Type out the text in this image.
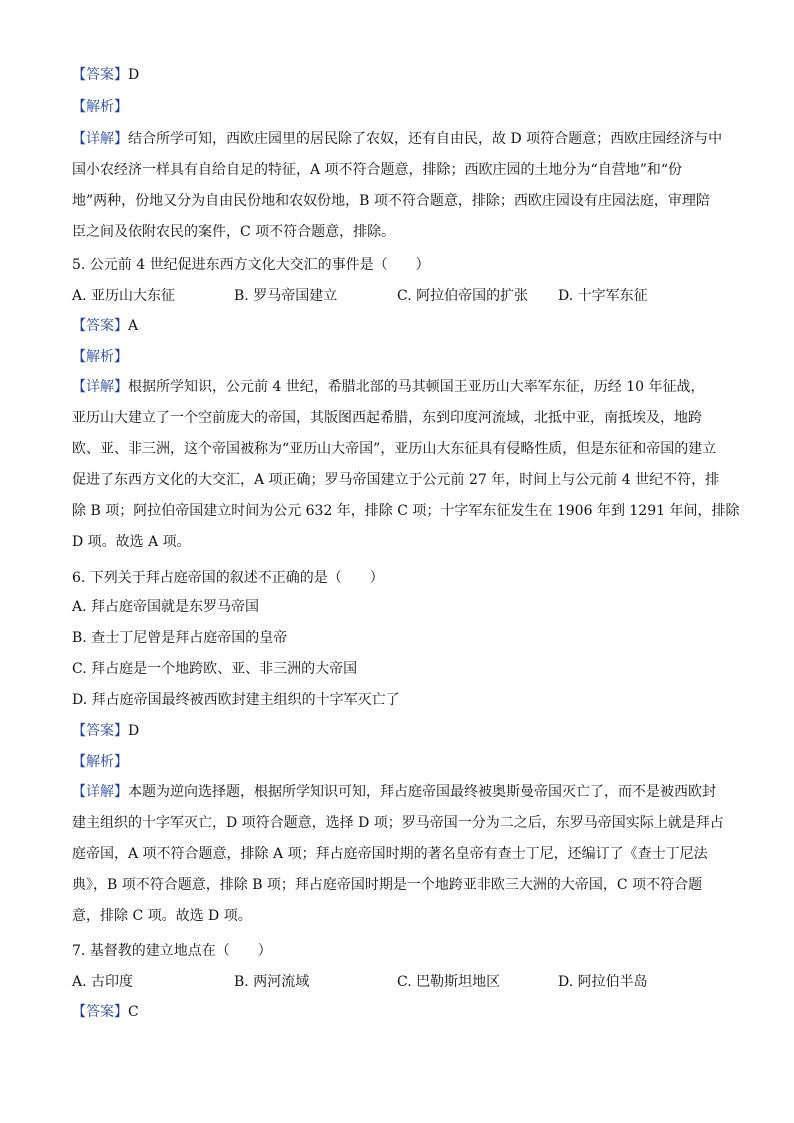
【答案】D
【解析】
【详解】结合所学可知，西欧庄园里的居民除了农奴，还有自由民，故 D 项符合题意；西欧庄园经济与中
国小农经济一样具有自给自足的特征，A 项不符合题意，排除；西欧庄园的土地分为“自营地”和“份
地”两种，份地又分为自由民份地和农奴份地，B 项不符合题意，排除；西欧庄园设有庄园法庭，审理陪
臣之间及依附农民的案件，C 项不符合题意，排除。
5. 公元前 4 世纪促进东西方文化大交汇的事件是（　　）
A. 亚历山大东征	B. 罗马帝国建立	C. 阿拉伯帝国的扩张 D. 十字军东征
【答案】A
【解析】
【详解】根据所学知识，公元前 4 世纪，希腊北部的马其顿国王亚历山大率军东征，历经 10 年征战，
亚历山大建立了一个空前庞大的帝国，其版图西起希腊，东到印度河流域，北抵中亚，南抵埃及，地跨
欧、亚、非三洲，这个帝国被称为“亚历山大帝国”，亚历山大东征具有侵略性质，但是东征和帝国的建立
促进了东西方文化的大交汇，A 项正确；罗马帝国建立于公元前 27 年，时间上与公元前 4 世纪不符，排
除 B 项；阿拉伯帝国建立时间为公元 632 年，排除 C 项；十字军东征发生在 1906 年到 1291 年间，排除
D 项。故选 A 项。
6. 下列关于拜占庭帝国的叙述不正确的是（　　）
A. 拜占庭帝国就是东罗马帝国
B. 查士丁尼曾是拜占庭帝国的皇帝
C. 拜占庭是一个地跨欧、亚、非三洲的大帝国
D. 拜占庭帝国最终被西欧封建主组织的十字军灭亡了
【答案】D
【解析】
【详解】本题为逆向选择题，根据所学知识可知，拜占庭帝国最终被奥斯曼帝国灭亡了，而不是被西欧封
建主组织的十字军灭亡，D 项符合题意，选择 D 项；罗马帝国一分为二之后，东罗马帝国实际上就是拜占
庭帝国，A 项不符合题意，排除 A 项；拜占庭帝国时期的著名皇帝有查士丁尼，还编订了《查士丁尼法
典》，B 项不符合题意，排除 B 项；拜占庭帝国时期是一个地跨亚非欧三大洲的大帝国，C 项不符合题
意，排除 C 项。故选 D 项。
7. 基督教的建立地点在（　　）
A. 古印度	B. 两河流域	C. 巴勒斯坦地区	D. 阿拉伯半岛
【答案】C
